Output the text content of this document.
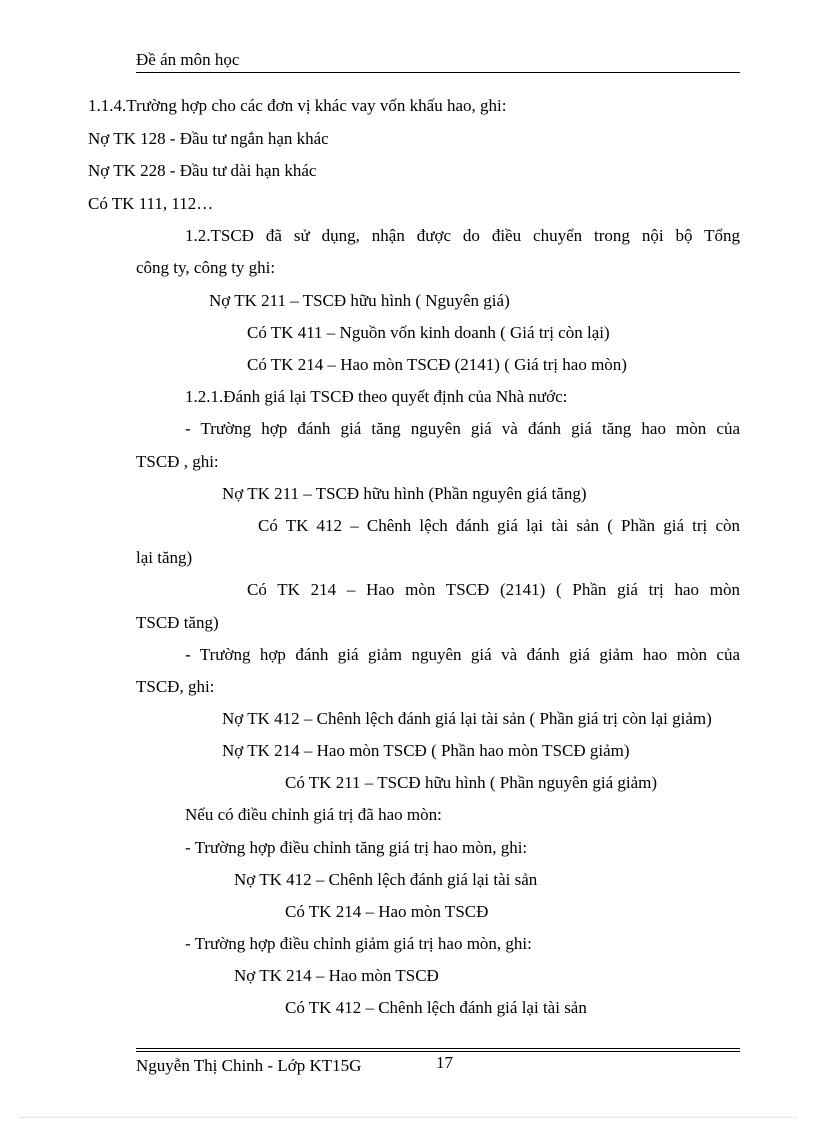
Đề án môn học
1.1.4.Trường hợp cho các đơn vị khác vay vốn khấu hao, ghi:
Nợ TK 128 - Đầu tư ngắn hạn khác
Nợ TK 228 - Đầu tư dài hạn khác
Có TK 111, 112…
1.2.TSCĐ đã sử dụng, nhận được do điều chuyển trong nội bộ Tổng
công ty, công ty ghi:
Nợ TK 211 – TSCĐ hữu hình ( Nguyên giá)
Có TK 411 – Nguồn vốn kinh doanh ( Giá trị còn lại)
Có TK 214 – Hao mòn TSCĐ (2141) ( Giá trị hao mòn)
1.2.1.Đánh giá lại TSCĐ theo quyết định của Nhà nước:
- Trường hợp đánh giá tăng nguyên giá và đánh giá tăng hao mòn của
TSCĐ , ghi:
Nợ TK 211 – TSCĐ hữu hình (Phần nguyên giá tăng)
Có TK 412 – Chênh lệch đánh giá lại tài sản ( Phần giá trị còn
lại tăng)
Có TK 214 – Hao mòn TSCĐ (2141) ( Phần giá trị hao mòn
TSCĐ tăng)
- Trường hợp đánh giá giảm nguyên giá và đánh giá giảm hao mòn của
TSCĐ, ghi:
Nợ TK 412 – Chênh lệch đánh giá lại tài sản ( Phần giá trị còn lại giảm)
Nợ TK 214 – Hao mòn TSCĐ ( Phần hao mòn TSCĐ giảm)
Có TK 211 – TSCĐ hữu hình ( Phần nguyên giá giảm)
Nếu có điều chỉnh giá trị đã hao mòn:
- Trường hợp điều chỉnh tăng giá trị hao mòn, ghi:
Nợ TK 412 – Chênh lệch đánh giá lại tài sản
Có TK 214 – Hao mòn TSCĐ
- Trường hợp điều chỉnh giảm giá trị hao mòn, ghi:
Nợ TK 214 – Hao mòn TSCĐ
Có TK 412 – Chênh lệch đánh giá lại tài sản
Nguyễn Thị Chinh - Lớp KT15G	17
